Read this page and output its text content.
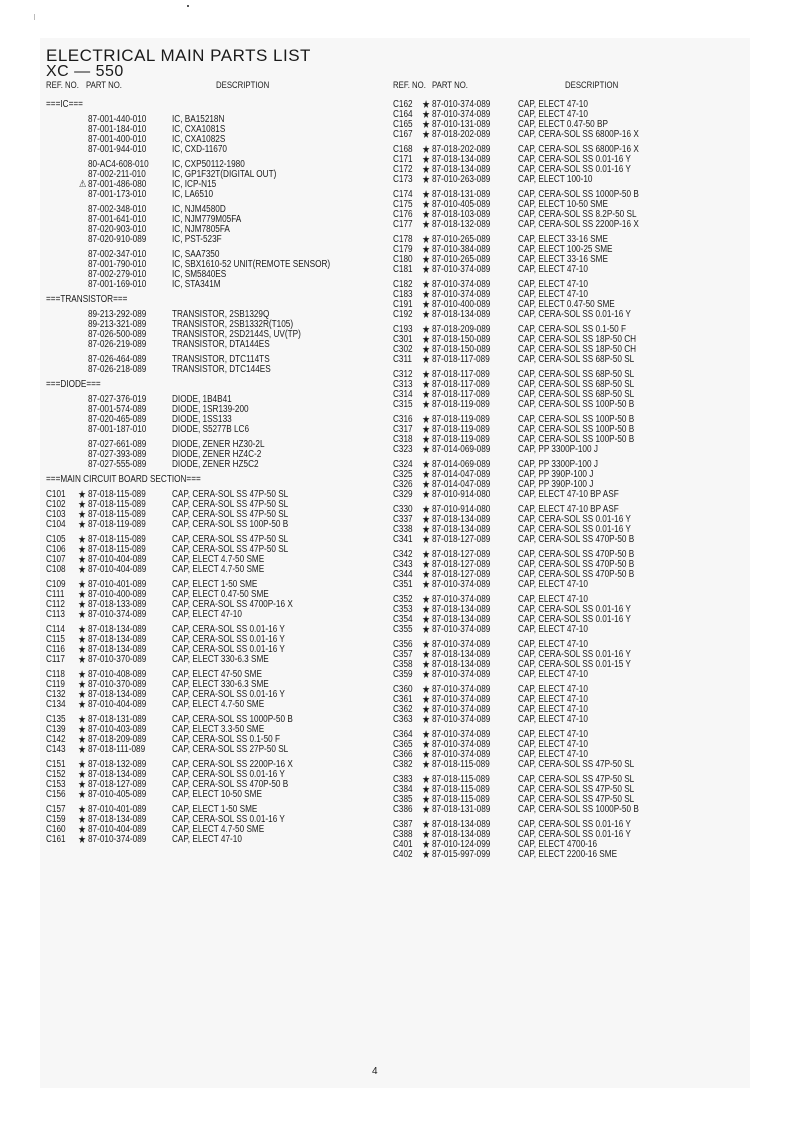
ELECTRICAL MAIN PARTS LIST
XC — 550
REF. NO. PART NO.	DESCRIPTION	REF. NO. PART NO.	DESCRIPTION
===IC===
87-001-440-010	IC, BA15218N
87-001-184-010	IC, CXA1081S
87-001-400-010	IC, CXA1082S
87-001-944-010	IC, CXD-11670
80-AC4-608-010 IC, CXP50112-1980
87-002-211-010	IC, GP1F32T(DIGITAL OUT)
⚠ 87-001-486-080	IC, ICP-N15
87-001-173-010	IC, LA6510
87-002-348-010	IC, NJM4580D
87-001-641-010	IC, NJM779M05FA
87-020-903-010	IC, NJM7805FA
87-020-910-089	IC, PST-523F
87-002-347-010	IC, SAA7350
87-001-790-010	IC, SBX1610-52 UNIT(REMOTE SENSOR)
87-002-279-010	IC, SM5840ES
87-001-169-010	IC, STA341M
===TRANSISTOR===
89-213-292-089	TRANSISTOR, 2SB1329Q
89-213-321-089	TRANSISTOR, 2SB1332R(T105)
87-026-500-089	TRANSISTOR, 2SD2144S, UV(TP)
87-026-219-089	TRANSISTOR, DTA144ES
87-026-464-089	TRANSISTOR, DTC114TS
87-026-218-089	TRANSISTOR, DTC144ES
===DIODE===
87-027-376-019	DIODE, 1B4B41
87-001-574-089	DIODE, 1SR139-200
87-020-465-089	DIODE, 1SS133
87-001-187-010	DIODE, S5277B LC6
87-027-661-089	DIODE, ZENER HZ30-2L
87-027-393-089	DIODE, ZENER HZ4C-2
87-027-555-089	DIODE, ZENER HZ5C2
===MAIN CIRCUIT BOARD SECTION===
C101 ★ 87-018-115-089	CAP, CERA-SOL SS 47P-50 SL
C102 ★ 87-018-115-089	CAP, CERA-SOL SS 47P-50 SL
C103 ★ 87-018-115-089	CAP, CERA-SOL SS 47P-50 SL
C104 ★ 87-018-119-089	CAP, CERA-SOL SS 100P-50 B
C105 ★ 87-018-115-089	CAP, CERA-SOL SS 47P-50 SL
C106 ★ 87-018-115-089	CAP, CERA-SOL SS 47P-50 SL
C107 ★ 87-010-404-089	CAP, ELECT 4.7-50 SME
C108 ★ 87-010-404-089	CAP, ELECT 4.7-50 SME
C109 ★ 87-010-401-089	CAP, ELECT 1-50 SME
C111 ★ 87-010-400-089	CAP, ELECT 0.47-50 SME
C112 ★ 87-018-133-089	CAP, CERA-SOL SS 4700P-16 X
C113 ★ 87-010-374-089	CAP, ELECT 47-10
C114 ★ 87-018-134-089	CAP, CERA-SOL SS 0.01-16 Y
C115 ★ 87-018-134-089	CAP, CERA-SOL SS 0.01-16 Y
C116 ★ 87-018-134-089	CAP, CERA-SOL SS 0.01-16 Y
C117 ★ 87-010-370-089	CAP, ELECT 330-6.3 SME
C118 ★ 87-010-408-089	CAP, ELECT 47-50 SME
C119 ★ 87-010-370-089	CAP, ELECT 330-6.3 SME
C132 ★ 87-018-134-089	CAP, CERA-SOL SS 0.01-16 Y
C134 ★ 87-010-404-089	CAP, ELECT 4.7-50 SME
C135 ★ 87-018-131-089	CAP, CERA-SOL SS 1000P-50 B
C139 ★ 87-010-403-089	CAP, ELECT 3.3-50 SME
C142 ★ 87-018-209-089	CAP, CERA-SOL SS 0.1-50 F
C143 ★ 87-018-111-089	CAP, CERA-SOL SS 27P-50 SL
C151 ★ 87-018-132-089	CAP, CERA-SOL SS 2200P-16 X
C152 ★ 87-018-134-089	CAP, CERA-SOL SS 0.01-16 Y
C153 ★ 87-018-127-089	CAP, CERA-SOL SS 470P-50 B
C156 ★ 87-010-405-089	CAP, ELECT 10-50 SME
C157 ★ 87-010-401-089	CAP, ELECT 1-50 SME
C159 ★ 87-018-134-089	CAP, CERA-SOL SS 0.01-16 Y
C160 ★ 87-010-404-089	CAP, ELECT 4.7-50 SME
C161 ★ 87-010-374-089	CAP, ELECT 47-10
C162 ★ 87-010-374-089	CAP, ELECT 47-10
C164 ★ 87-010-374-089	CAP, ELECT 47-10
C165 ★ 87-010-131-089	CAP, ELECT 0.47-50 BP
C167 ★ 87-018-202-089	CAP, CERA-SOL SS 6800P-16 X
C168 ★ 87-018-202-089	CAP, CERA-SOL SS 6800P-16 X
C171 ★ 87-018-134-089	CAP, CERA-SOL SS 0.01-16 Y
C172 ★ 87-018-134-089	CAP, CERA-SOL SS 0.01-16 Y
C173 ★ 87-010-263-089	CAP, ELECT 100-10
C174 ★ 87-018-131-089	CAP, CERA-SOL SS 1000P-50 B
C175 ★ 87-010-405-089	CAP, ELECT 10-50 SME
C176 ★ 87-018-103-089	CAP, CERA-SOL SS 8.2P-50 SL
C177 ★ 87-018-132-089	CAP, CERA-SOL SS 2200P-16 X
C178 ★ 87-010-265-089	CAP, ELECT 33-16 SME
C179 ★ 87-010-384-089	CAP, ELECT 100-25 SME
C180 ★ 87-010-265-089	CAP, ELECT 33-16 SME
C181 ★ 87-010-374-089	CAP, ELECT 47-10
C182 ★ 87-010-374-089	CAP, ELECT 47-10
C183 ★ 87-010-374-089	CAP, ELECT 47-10
C191 ★ 87-010-400-089	CAP, ELECT 0.47-50 SME
C192 ★ 87-018-134-089	CAP, CERA-SOL SS 0.01-16 Y
C193 ★ 87-018-209-089	CAP, CERA-SOL SS 0.1-50 F
C301 ★ 87-018-150-089	CAP, CERA-SOL SS 18P-50 CH
C302 ★ 87-018-150-089	CAP, CERA-SOL SS 18P-50 CH
C311 ★ 87-018-117-089	CAP, CERA-SOL SS 68P-50 SL
C312 ★ 87-018-117-089	CAP, CERA-SOL SS 68P-50 SL
C313 ★ 87-018-117-089	CAP, CERA-SOL SS 68P-50 SL
C314 ★ 87-018-117-089	CAP, CERA-SOL SS 68P-50 SL
C315 ★ 87-018-119-089	CAP, CERA-SOL SS 100P-50 B
C316 ★ 87-018-119-089	CAP, CERA-SOL SS 100P-50 B
C317 ★ 87-018-119-089	CAP, CERA-SOL SS 100P-50 B
C318 ★ 87-018-119-089	CAP, CERA-SOL SS 100P-50 B
C323 ★ 87-014-069-089	CAP, PP 3300P-100 J
C324 ★ 87-014-069-089	CAP, PP 3300P-100 J
C325 ★ 87-014-047-089	CAP, PP 390P-100 J
C326 ★ 87-014-047-089	CAP, PP 390P-100 J
C329 ★ 87-010-914-080	CAP, ELECT 47-10 BP ASF
C330 ★ 87-010-914-080	CAP, ELECT 47-10 BP ASF
C337 ★ 87-018-134-089	CAP, CERA-SOL SS 0.01-16 Y
C338 ★ 87-018-134-089	CAP, CERA-SOL SS 0.01-16 Y
C341 ★ 87-018-127-089	CAP, CERA-SOL SS 470P-50 B
C342 ★ 87-018-127-089	CAP, CERA-SOL SS 470P-50 B
C343 ★ 87-018-127-089	CAP, CERA-SOL SS 470P-50 B
C344 ★ 87-018-127-089	CAP, CERA-SOL SS 470P-50 B
C351 ★ 87-010-374-089	CAP, ELECT 47-10
C352 ★ 87-010-374-089	CAP, ELECT 47-10
C353 ★ 87-018-134-089	CAP, CERA-SOL SS 0.01-16 Y
C354 ★ 87-018-134-089	CAP, CERA-SOL SS 0.01-16 Y
C355 ★ 87-010-374-089	CAP, ELECT 47-10
C356 ★ 87-010-374-089	CAP, ELECT 47-10
C357 ★ 87-018-134-089	CAP, CERA-SOL SS 0.01-16 Y
C358 ★ 87-018-134-089	CAP, CERA-SOL SS 0.01-15 Y
C359 ★ 87-010-374-089	CAP, ELECT 47-10
C360 ★ 87-010-374-089	CAP, ELECT 47-10
C361 ★ 87-010-374-089	CAP, ELECT 47-10
C362 ★ 87-010-374-089	CAP, ELECT 47-10
C363 ★ 87-010-374-089	CAP, ELECT 47-10
C364 ★ 87-010-374-089	CAP, ELECT 47-10
C365 ★ 87-010-374-089	CAP, ELECT 47-10
C366 ★ 87-010-374-089	CAP, ELECT 47-10
C382 ★ 87-018-115-089	CAP, CERA-SOL SS 47P-50 SL
C383 ★ 87-018-115-089	CAP, CERA-SOL SS 47P-50 SL
C384 ★ 87-018-115-089	CAP, CERA-SOL SS 47P-50 SL
C385 ★ 87-018-115-089	CAP, CERA-SOL SS 47P-50 SL
C386 ★ 87-018-131-089	CAP, CERA-SOL SS 1000P-50 B
C387 ★ 87-018-134-089	CAP, CERA-SOL SS 0.01-16 Y
C388 ★ 87-018-134-089	CAP, CERA-SOL SS 0.01-16 Y
C401 ★ 87-010-124-099	CAP, ELECT 4700-16
C402 ★ 87-015-997-099	CAP, ELECT 2200-16 SME
4
